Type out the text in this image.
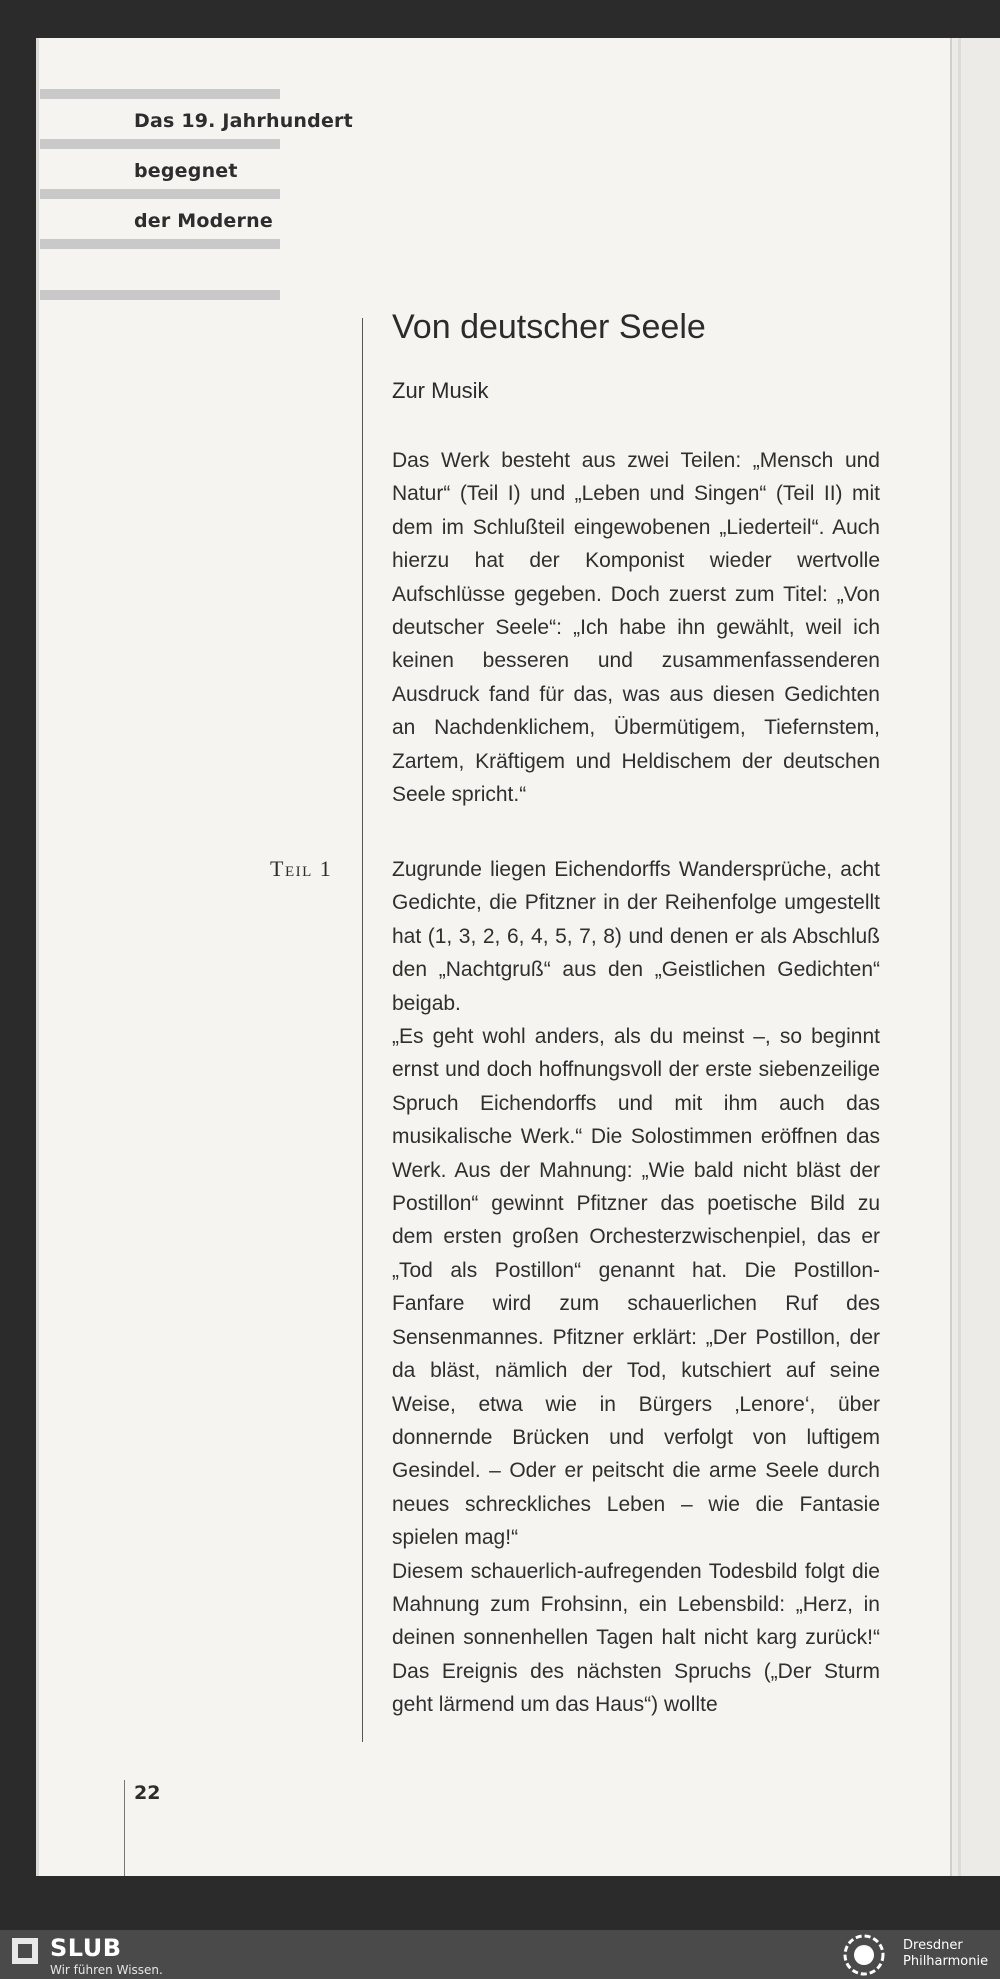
Das 19. Jahrhundert
begegnet
der Moderne
Von deutscher Seele
Zur Musik

Das Werk besteht aus zwei Teilen: „Mensch und Natur“ (Teil I) und „Leben und Singen“ (Teil II) mit dem im Schlußteil eingewobenen „Liederteil“. Auch hierzu hat der Komponist wieder wertvolle Aufschlüsse gegeben. Doch zuerst zum Titel: „Von deutscher Seele“: „Ich habe ihn gewählt, weil ich keinen besseren und zusammenfassenderen Ausdruck fand für das, was aus diesen Gedichten an Nachdenklichem, Übermütigem, Tiefernstem, Zartem, Kräftigem und Heldischem der deutschen Seele spricht.“

Teil 1	Zugrunde liegen Eichendorffs Wandersprüche, acht Gedichte, die Pfitzner in der Reihenfolge umgestellt hat (1, 3, 2, 6, 4, 5, 7, 8) und denen er als Abschluß den „Nachtgruß“ aus den „Geistlichen Gedichten“ beigab.

„Es geht wohl anders, als du meinst –, so beginnt ernst und doch hoffnungsvoll der erste siebenzeilige Spruch Eichendorffs und mit ihm auch das musikalische Werk.“ Die Solostimmen eröffnen das Werk. Aus der Mahnung: „Wie bald nicht bläst der Postillon“ gewinnt Pfitzner das poetische Bild zu dem ersten großen Orchesterzwischenpiel, das er „Tod als Postillon“ genannt hat. Die Postillon-Fanfare wird zum schauerlichen Ruf des Sensenmannes. Pfitzner erklärt: „Der Postillon, der da bläst, nämlich der Tod, kutschiert auf seine Weise, etwa wie in Bürgers ‚Lenore‘, über donnernde Brücken und verfolgt von luftigem Gesindel. – Oder er peitscht die arme Seele durch neues schreckliches Leben – wie die Fantasie spielen mag!“

Diesem schauerlich-aufregenden Todesbild folgt die Mahnung zum Frohsinn, ein Lebensbild: „Herz, in deinen sonnenhellen Tagen halt nicht karg zurück!“ Das Ereignis des nächsten Spruchs („Der Sturm geht lärmend um das Haus“) wollte

22
SLUB
Wir führen Wissen.
Dresdner
Philharmonie
